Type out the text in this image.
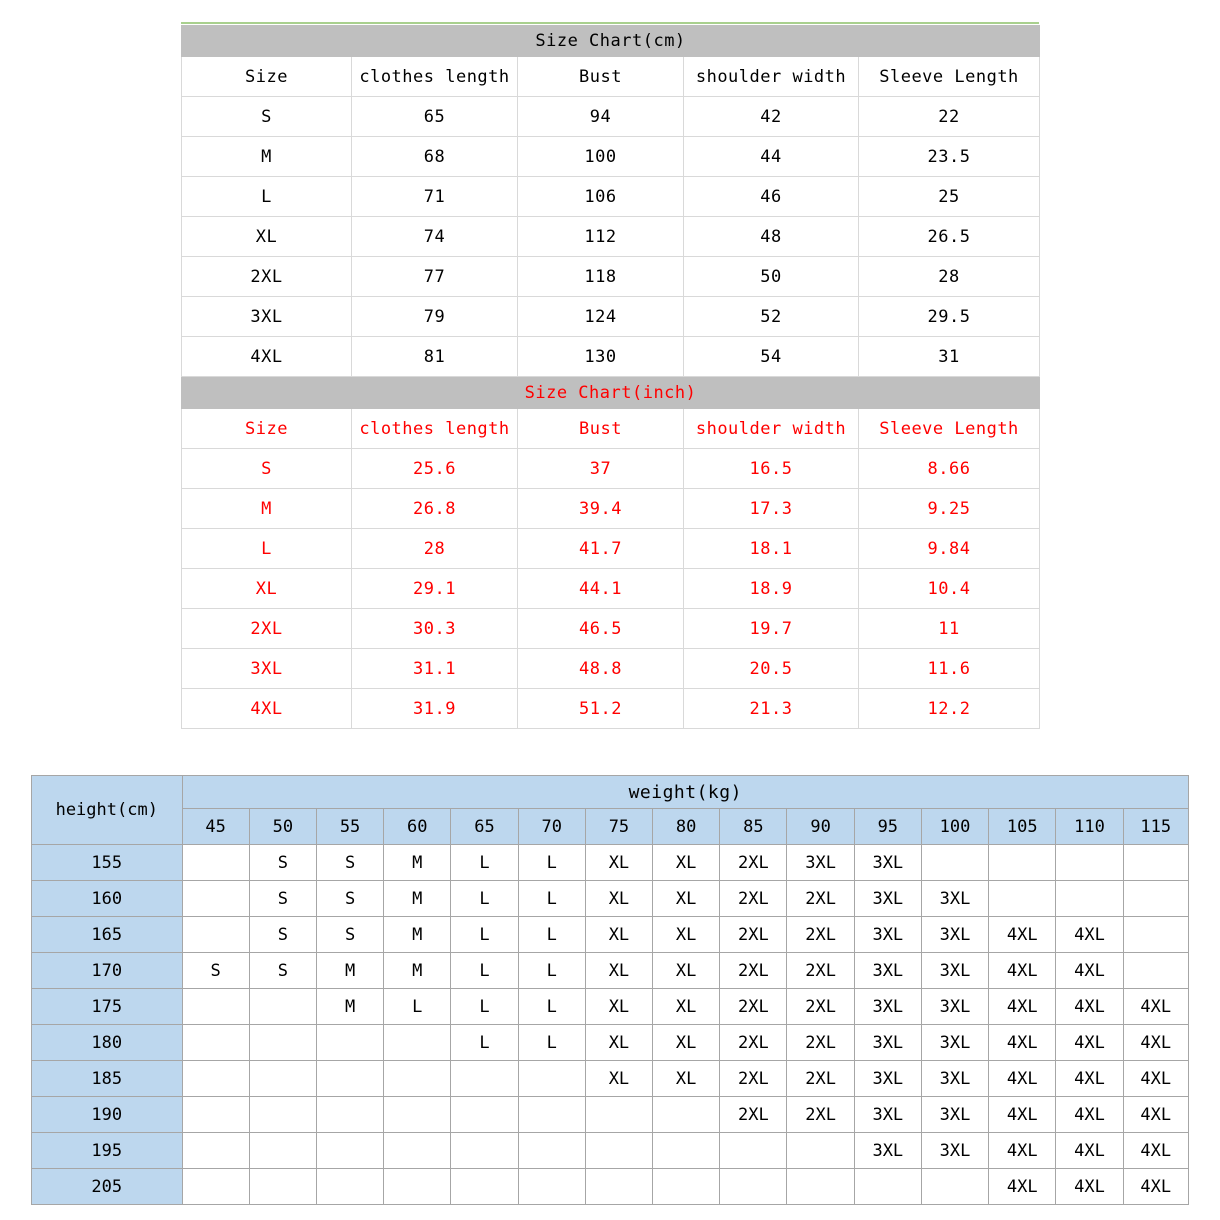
Size Chart(cm)				
Size	clothes length	Bust	shoulder width	Sleeve Length
S	65	94	42	22
M	68	100	44	23.5
L	71	106	46	25
XL	74	112	48	26.5
2XL	77	118	50	28
3XL	79	124	52	29.5
4XL	81	130	54	31
Size Chart(inch)				
Size	clothes length	Bust	shoulder width	Sleeve Length
S	25.6	37	16.5	8.66
M	26.8	39.4	17.3	9.25
L	28	41.7	18.1	9.84
XL	29.1	44.1	18.9	10.4
2XL	30.3	46.5	19.7	11
3XL	31.1	48.8	20.5	11.6
4XL	31.9	51.2	21.3	12.2
height(cm)	weight(kg)														
	45	50	55	60	65	70	75	80	85	90	95	100	105	110	115
155		S	S	M	L	L	XL	XL	2XL	3XL	3XL				
160		S	S	M	L	L	XL	XL	2XL	2XL	3XL	3XL			
165		S	S	M	L	L	XL	XL	2XL	2XL	3XL	3XL	4XL	4XL	
170	S	S	M	M	L	L	XL	XL	2XL	2XL	3XL	3XL	4XL	4XL	
175			M	L	L	L	XL	XL	2XL	2XL	3XL	3XL	4XL	4XL	4XL
180					L	L	XL	XL	2XL	2XL	3XL	3XL	4XL	4XL	4XL
185							XL	XL	2XL	2XL	3XL	3XL	4XL	4XL	4XL
190									2XL	2XL	3XL	3XL	4XL	4XL	4XL
195											3XL	3XL	4XL	4XL	4XL
205													4XL	4XL	4XL
